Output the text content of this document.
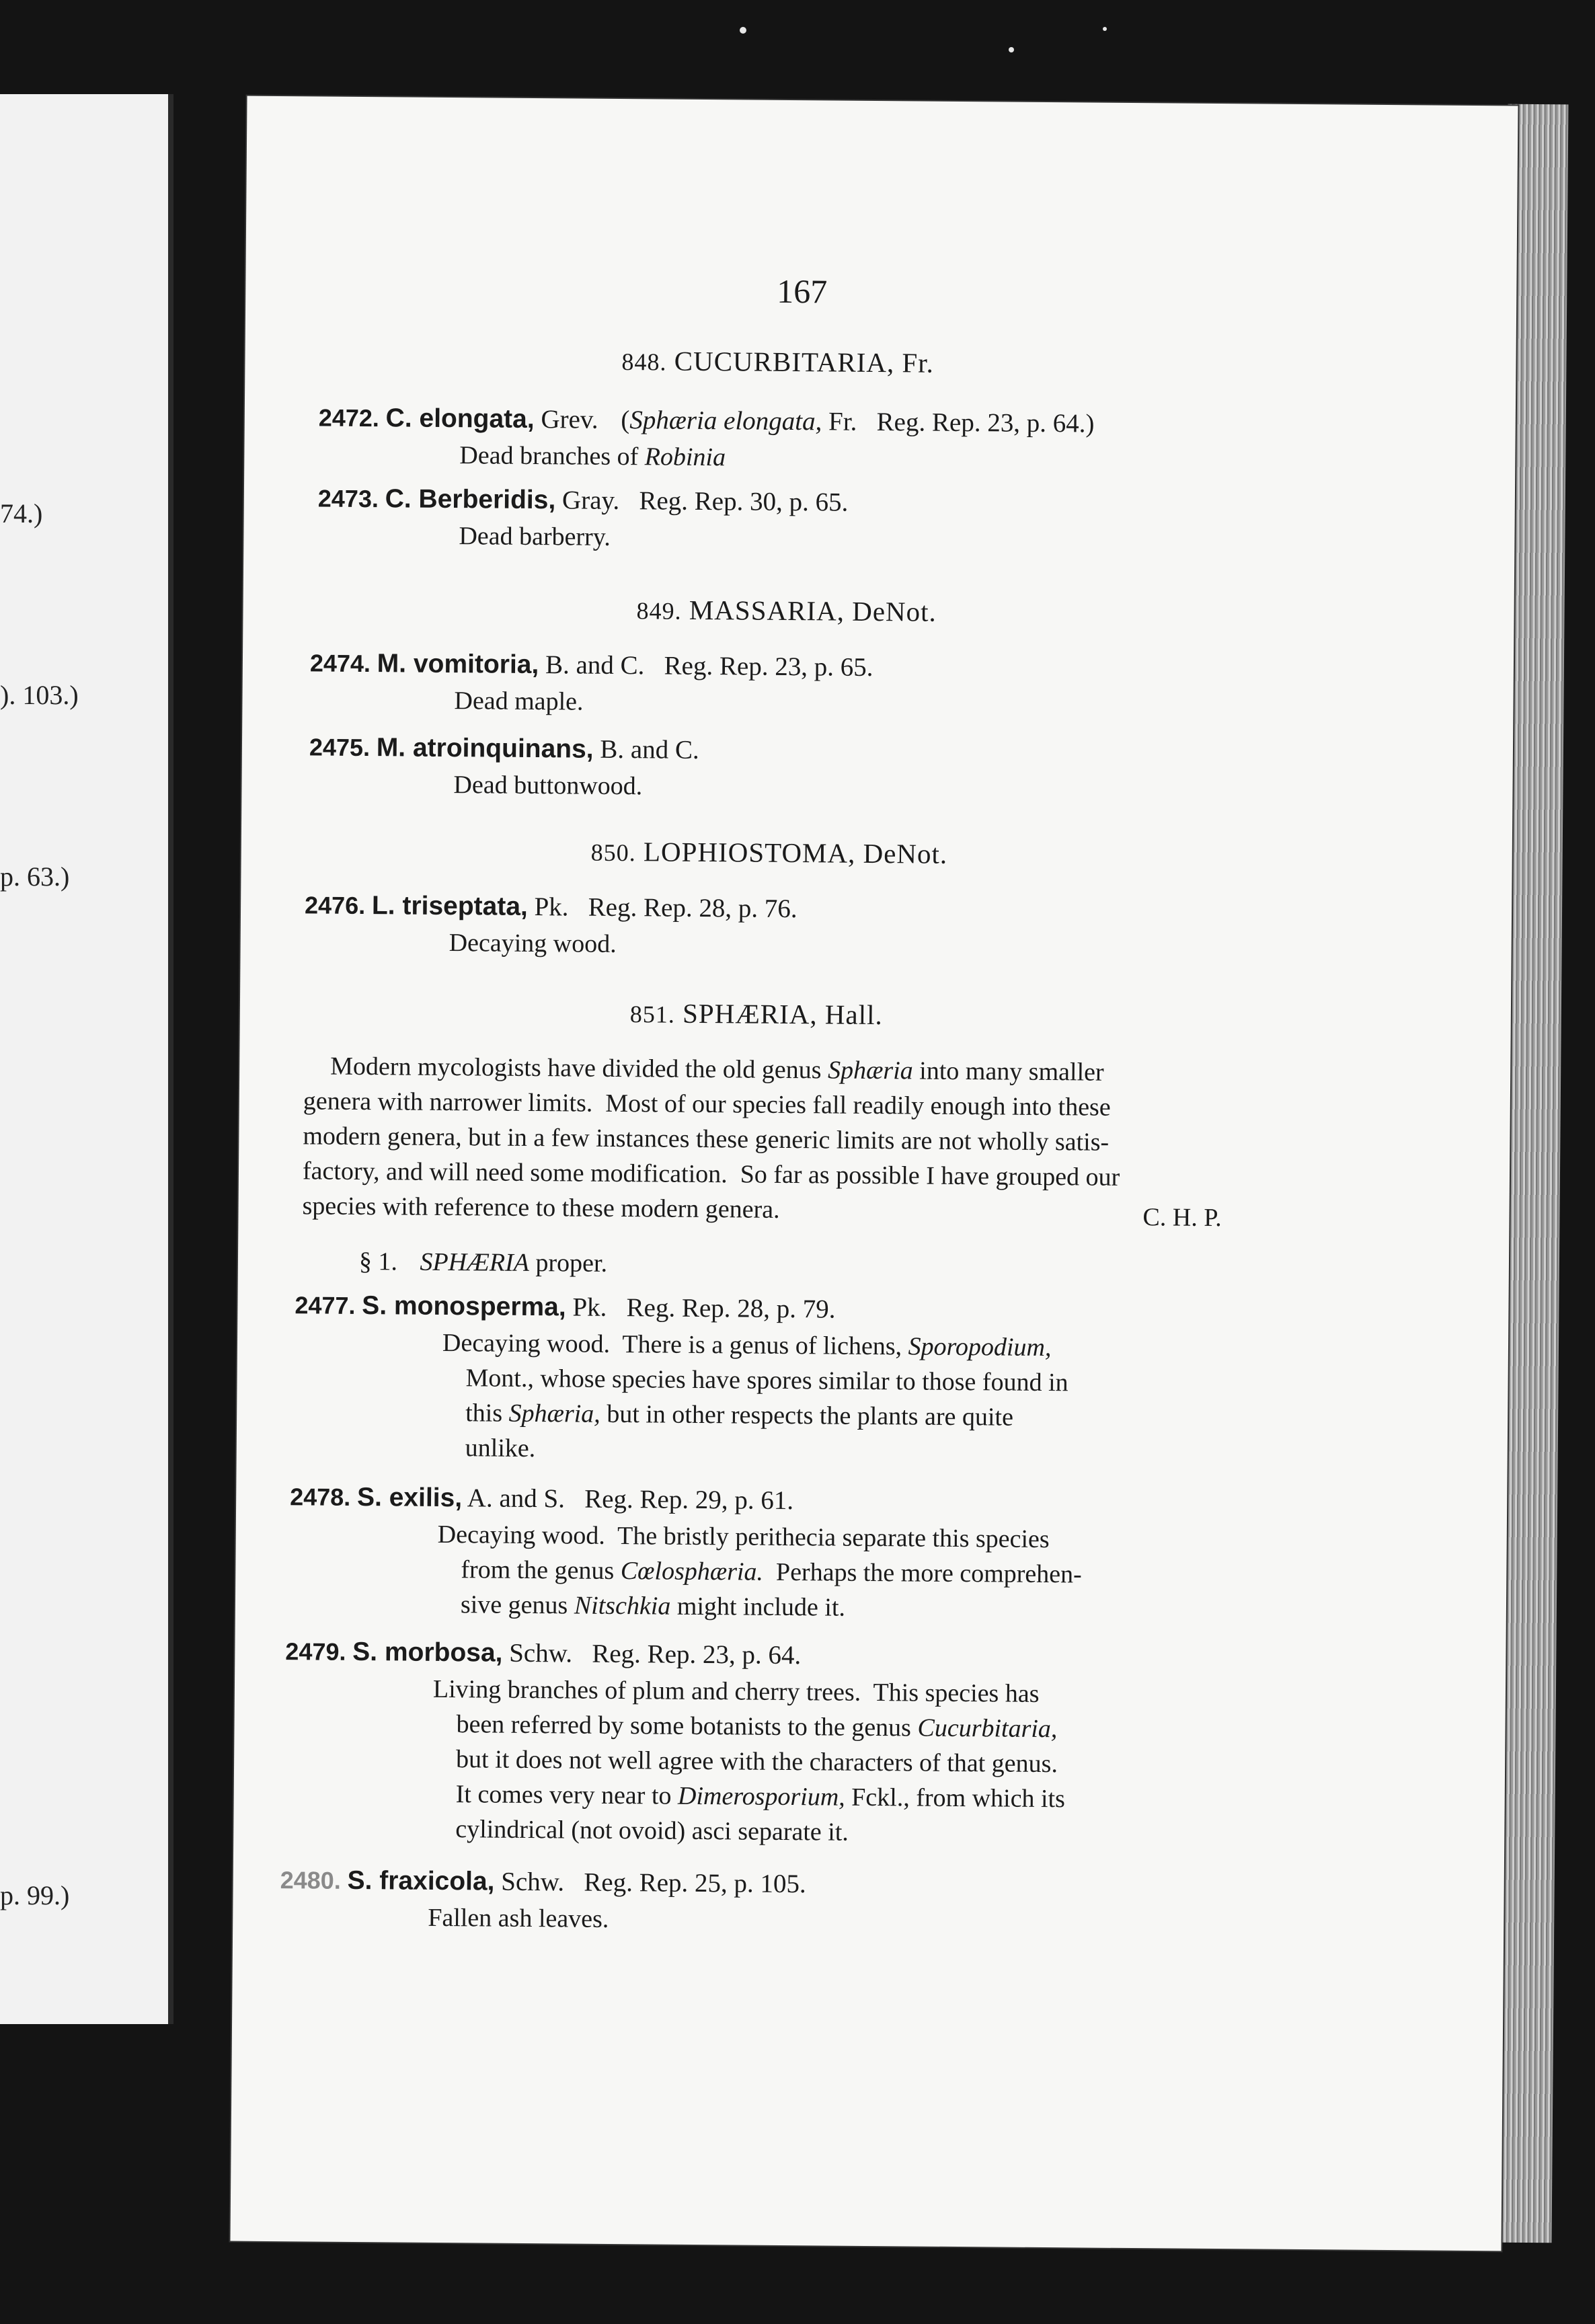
74.)
). 103.)
p. 63.)
p. 99.)
167
848. CUCURBITARIA, Fr.
2472. C. elongata, Grev. (Sphæria elongata, Fr.   Reg. Rep. 23, p. 64.)
Dead branches of Robinia
2473. C. Berberidis, Gray.   Reg. Rep. 30, p. 65.
Dead barberry.
849. MASSARIA, DeNot.
2474. M. vomitoria, B. and C.   Reg. Rep. 23, p. 65.
Dead maple.
2475. M. atroinquinans, B. and C.
Dead buttonwood.
850. LOPHIOSTOMA, DeNot.
2476. L. triseptata, Pk.   Reg. Rep. 28, p. 76.
Decaying wood.
851. SPHÆRIA, Hall.
Modern mycologists have divided the old genus Sphæria into many smaller
genera with narrower limits.  Most of our species fall readily enough into these
modern genera, but in a few instances these generic limits are not wholly satis-
factory, and will need some modification.  So far as possible I have grouped our
species with reference to these modern genera.	C. H. P.
§ 1. SPHÆRIA proper.
2477. S. monosperma, Pk.   Reg. Rep. 28, p. 79.
Decaying wood.  There is a genus of lichens, Sporopodium,
Mont., whose species have spores similar to those found in
this Sphæria, but in other respects the plants are quite
unlike.
2478. S. exilis, A. and S.   Reg. Rep. 29, p. 61.
Decaying wood.  The bristly perithecia separate this species
from the genus Cœlosphæria.  Perhaps the more comprehen-
sive genus Nitschkia might include it.
2479. S. morbosa, Schw.   Reg. Rep. 23, p. 64.
Living branches of plum and cherry trees.  This species has
been referred by some botanists to the genus Cucurbitaria,
but it does not well agree with the characters of that genus.
It comes very near to Dimerosporium, Fckl., from which its
cylindrical (not ovoid) asci separate it.
2480. S. fraxicola, Schw.   Reg. Rep. 25, p. 105.
Fallen ash leaves.
